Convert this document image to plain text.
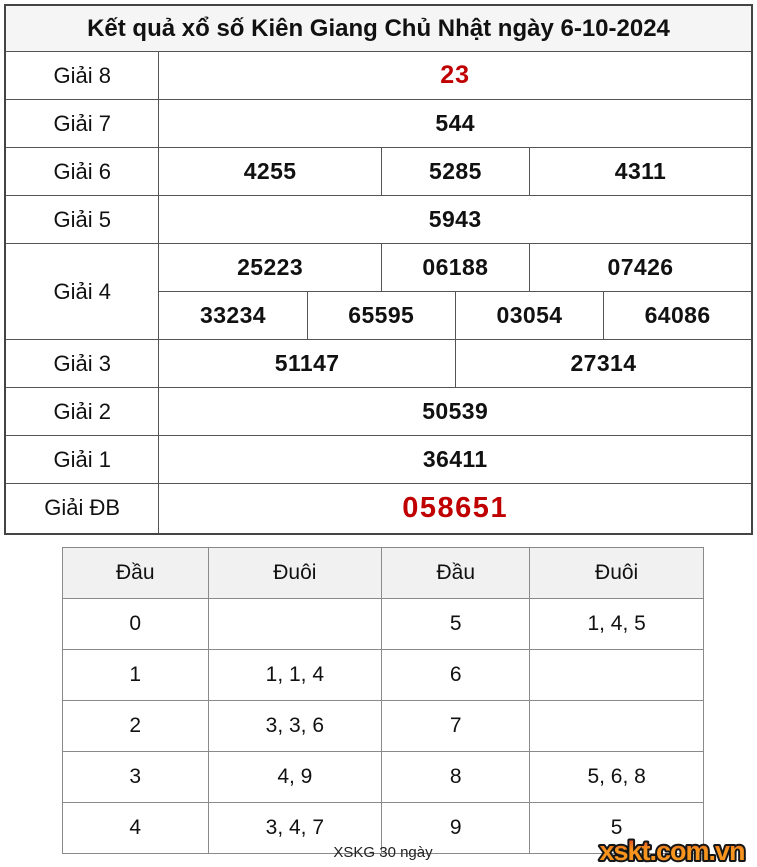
Kết quả xổ số Kiên Giang Chủ Nhật ngày 6-10-2024						
Giải 8	23					
Giải 7	544					
Giải 6	4255		5285		4311	
Giải 5	5943					
Giải 4	25223		06188		07426	
	33234	65595		03054		64086
Giải 3	51147			27314		
Giải 2	50539					
Giải 1	36411					
Giải ĐB	058651					
Đầu	Đuôi	Đầu	Đuôi
0		5	1, 4, 5
1	1, 1, 4	6	
2	3, 3, 6	7	
3	4, 9	8	5, 6, 8
4	3, 4, 7	9	5
XSKG 30 ngày	xskt.com.vn
